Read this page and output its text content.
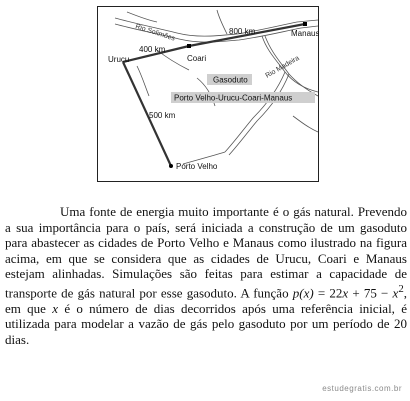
Rio Solimões
Rio Madeira
800 km	Manaus
400 km
Urucu	Coari
500 km
Porto Velho
Gasoduto
Porto Velho-Urucu-Coari-Manaus

Uma fonte de energia muito importante é o gás natural. Prevendo a sua importância para o país, será iniciada a construção de um gasoduto para abastecer as cidades de Porto Velho e Manaus como ilustrado na figura acima, em que se considera que as cidades de Urucu, Coari e Manaus estejam alinhadas. Simulações são feitas para estimar a capacidade de transporte de gás natural por esse gasoduto. A função $p(x) = 22x + 75 - x^2$, em que x é o número de dias decorridos após uma referência inicial, é utilizada para modelar a vazão de gás pelo gasoduto por um período de 20 dias.

estudegratis.com.br
